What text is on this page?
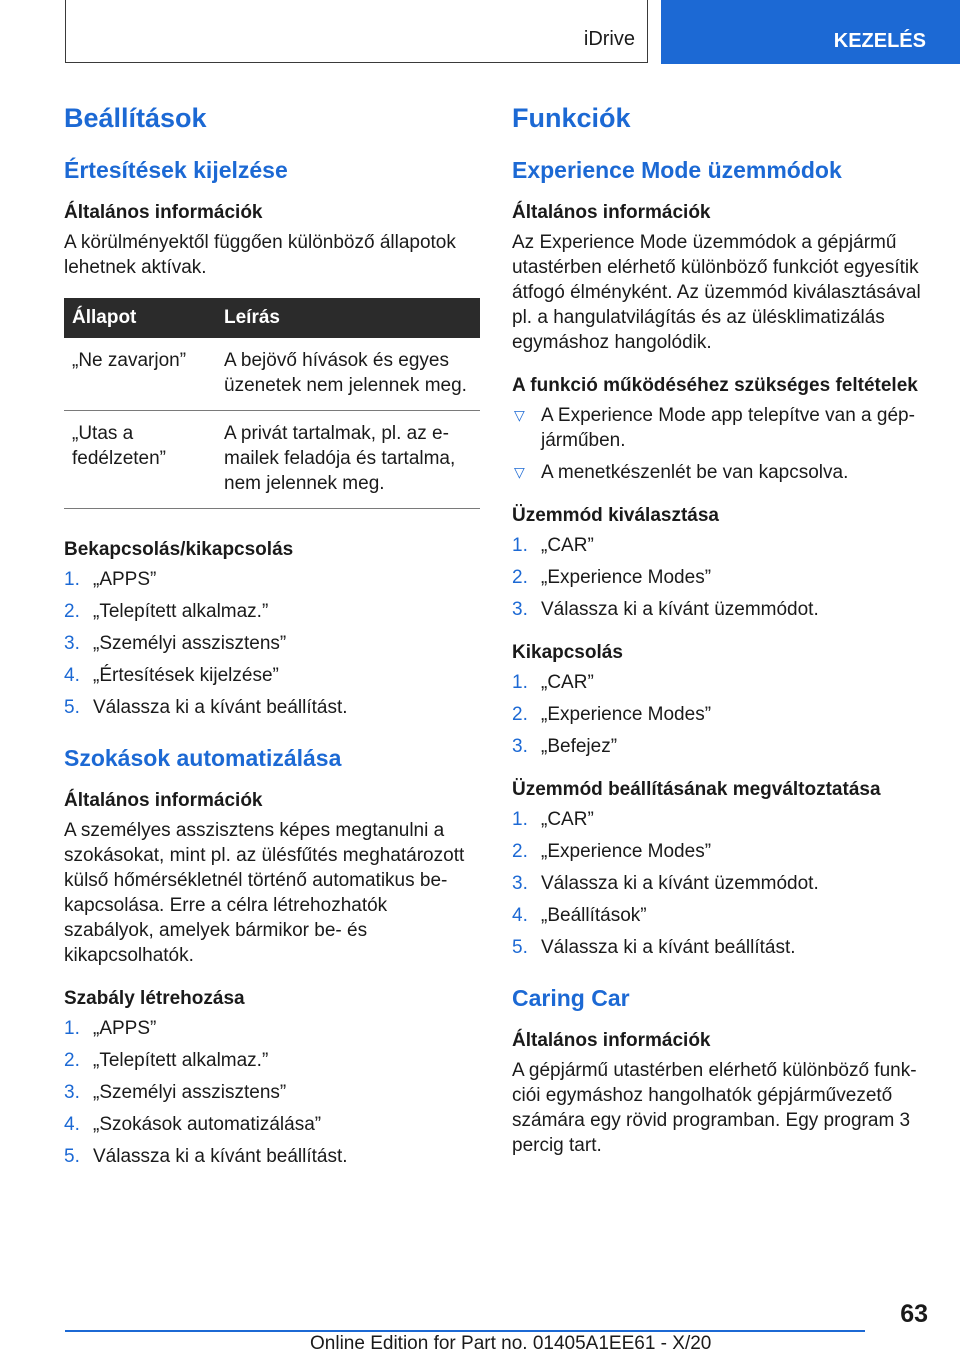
iDrive	KEZELÉS
Beállítások
Értesítések kijelzése
Általános információk

A körülményektől függően különböző állapotok lehetnek aktívak.

Állapot	Leírás
„Ne zavarjon”	A bejövő hívások és egyes üzenetek nem jelennek meg.
„Utas a fedélzeten”	A privát tartalmak, pl. az e-mailek feladója és tartalma, nem jelennek meg.
Bekapcsolás/kikapcsolás
1. „APPS”
2. „Telepített alkalmaz.”
3. „Személyi asszisztens”
4. „Értesítések kijelzése”
5. Válassza ki a kívánt beállítást.
Szokások automatizálása
Általános információk

A személyes asszisztens képes megtanulni a szokásokat, mint pl. az ülésfűtés meghatározott külső hőmérsékletnél történő automatikus bekapcsolása. Erre a célra létrehozhatók szabályok, amelyek bármikor be- és kikapcsolhatók.

Szabály létrehozása
1. „APPS”
2. „Telepített alkalmaz.”
3. „Személyi asszisztens”
4. „Szokások automatizálása”
5. Válassza ki a kívánt beállítást.
Funkciók
Experience Mode üzemmódok
Általános információk

Az Experience Mode üzemmódok a gépjármű utastérben elérhető különböző funkciót egyesítik átfogó élményként. Az üzemmód kiválasztásával pl. a hangulatvilágítás és az ülésklimatizálás egymáshoz hangolódik.

A funkció működéséhez szükséges feltételek
▽ A Experience Mode app telepítve van a gépjárműben.
▽ A menetkészenlét be van kapcsolva.
Üzemmód kiválasztása
1. „CAR”
2. „Experience Modes”
3. Válassza ki a kívánt üzemmódot.
Kikapcsolás
1. „CAR”
2. „Experience Modes”
3. „Befejez”
Üzemmód beállításának megváltoztatása
1. „CAR”
2. „Experience Modes”
3. Válassza ki a kívánt üzemmódot.
4. „Beállítások”
5. Válassza ki a kívánt beállítást.
Caring Car
Általános információk

A gépjármű utastérben elérhető különböző funkciói egymáshoz hangolhatók gépjárművezető számára egy rövid programban. Egy program 3 percig tart.

63
Online Edition for Part no. 01405A1EE61 - X/20
